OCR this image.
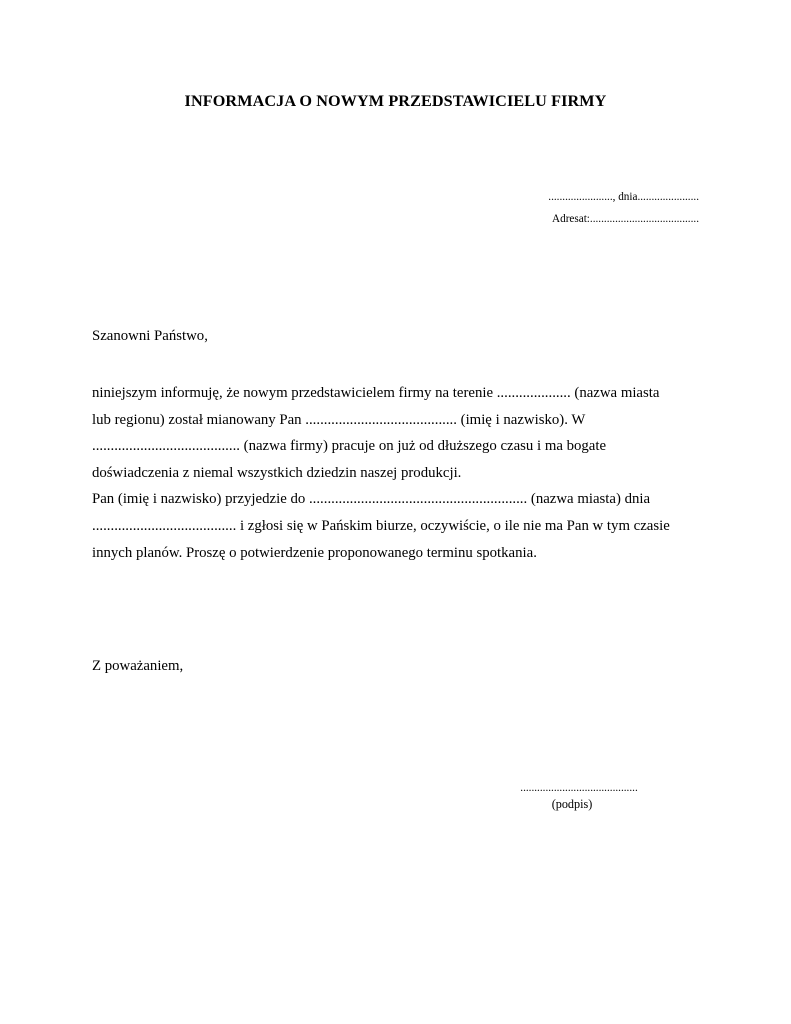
INFORMACJA O NOWYM PRZEDSTAWICIELU FIRMY
......................., dnia......................
Adresat:.......................................
Szanowni Państwo,
niniejszym informuję, że nowym przedstawicielem firmy na terenie .................... (nazwa miasta
lub regionu) został mianowany Pan ......................................... (imię i nazwisko). W
........................................ (nazwa firmy) pracuje on już od dłuższego czasu i ma bogate
doświadczenia z niemal wszystkich dziedzin naszej produkcji.
Pan (imię i nazwisko) przyjedzie do ........................................................... (nazwa miasta) dnia
....................................... i zgłosi się w Pańskim biurze, oczywiście, o ile nie ma Pan w tym czasie
innych planów. Proszę o potwierdzenie proponowanego terminu spotkania.
Z poważaniem,
..........................................
(podpis)
